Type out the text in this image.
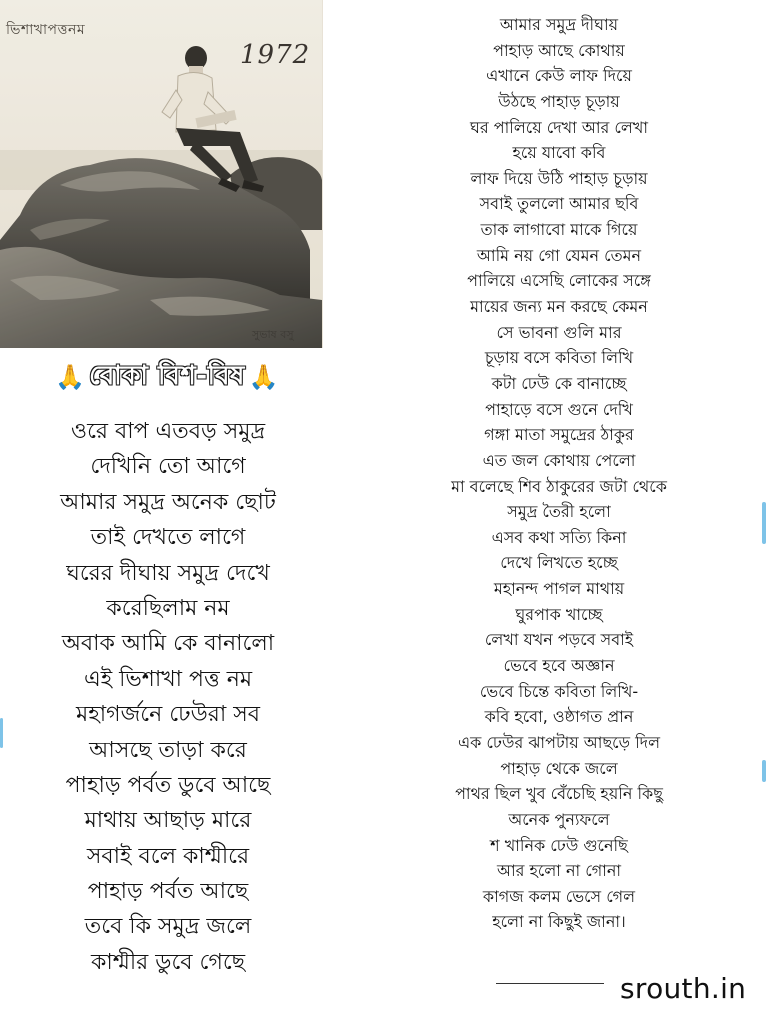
ভিশাখাপত্তনম
1972
সুভাষ বসু
🙏 বোকা বিশ-বিষ 🙏
ওরে বাপ এতবড় সমুদ্র
দেখিনি তো আগে
আমার সমুদ্র অনেক ছোট
তাই দেখতে লাগে
ঘরের দীঘায় সমুদ্র দেখে
করেছিলাম নম
অবাক আমি কে বানালো
এই ভিশাখা পত্ত নম
মহাগর্জনে ঢেউরা সব
আসছে তাড়া করে
পাহাড় পর্বত ডুবে আছে
মাথায় আছাড় মারে
সবাই বলে কাশ্মীরে
পাহাড় পর্বত আছে
তবে কি সমুদ্র জলে
কাশ্মীর ডুবে গেছে
আমার সমুদ্র দীঘায়
পাহাড় আছে কোথায়
এখানে কেউ লাফ দিয়ে
উঠছে পাহাড় চূড়ায়
ঘর পালিয়ে দেখা আর লেখা
হয়ে যাবো কবি
লাফ দিয়ে উঠি পাহাড় চূড়ায়
সবাই তুললো আমার ছবি
তাক লাগাবো মাকে গিয়ে
আমি নয় গো যেমন তেমন
পালিয়ে এসেছি লোকের সঙ্গে
মায়ের জন্য মন করছে কেমন
সে ভাবনা গুলি মার
চূড়ায় বসে কবিতা লিখি
কটা ঢেউ কে বানাচ্ছে
পাহাড়ে বসে গুনে দেখি
গঙ্গা মাতা সমুদ্রের ঠাকুর
এত জল কোথায় পেলো
মা বলেছে শিব ঠাকুরের জটা থেকে
সমুদ্র তৈরী হলো
এসব কথা সত্যি কিনা
দেখে লিখতে হচ্ছে
মহানন্দ পাগল মাথায়
ঘুরপাক খাচ্ছে
লেখা যখন পড়বে সবাই
ভেবে হবে অজ্ঞান
ভেবে চিন্তে কবিতা লিখি-
কবি হবো, ওষ্ঠাগত প্রান
এক ঢেউর ঝাপটায় আছড়ে দিল
পাহাড় থেকে জলে
পাথর ছিল খুব বেঁচেছি হয়নি কিছু
অনেক পুন্যফলে
শ খানিক ঢেউ গুনেছি
আর হলো না গোনা
কাগজ কলম ভেসে গেল
হলো না কিছুই জানা।
srouth.in
